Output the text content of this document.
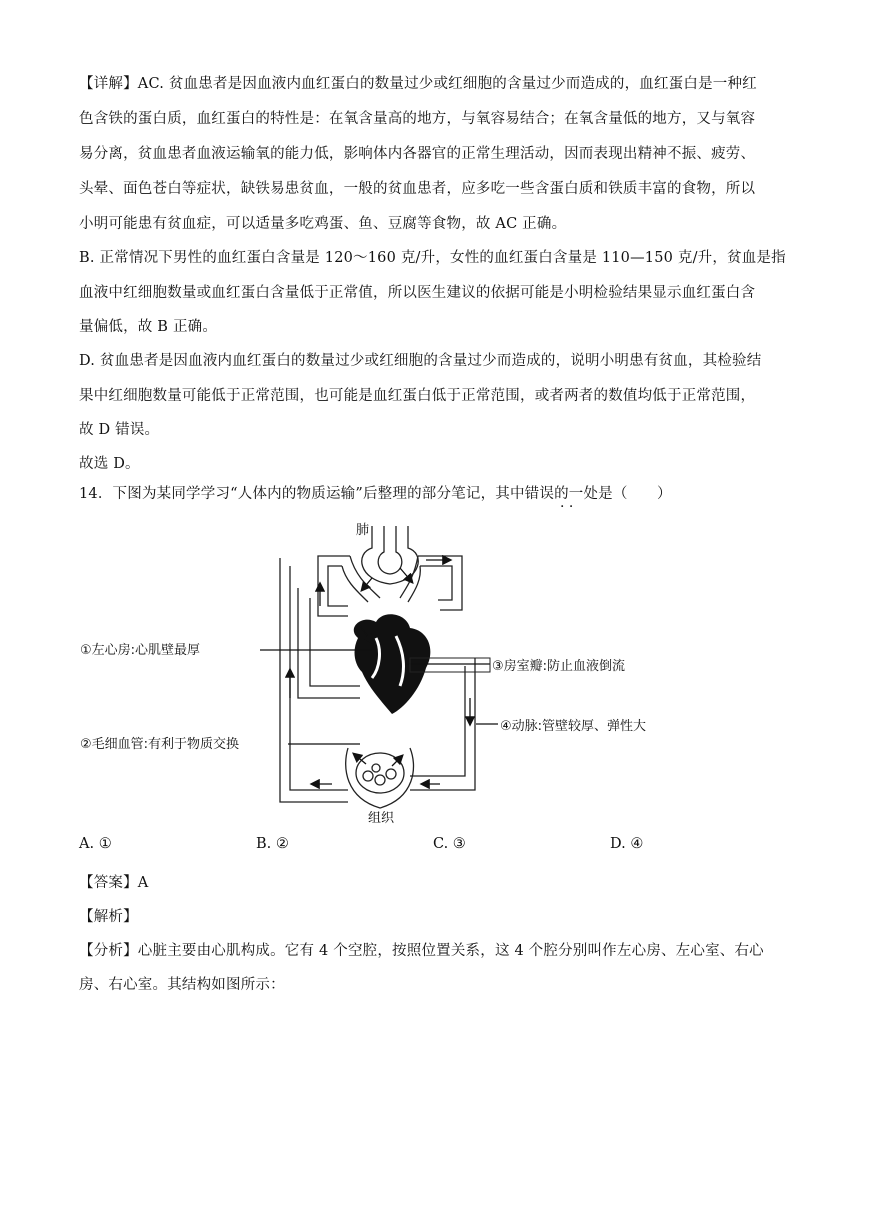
【详解】AC. 贫血患者是因血液内血红蛋白的数量过少或红细胞的含量过少而造成的，血红蛋白是一种红
色含铁的蛋白质，血红蛋白的特性是：在氧含量高的地方，与氧容易结合；在氧含量低的地方，又与氧容
易分离，贫血患者血液运输氧的能力低，影响体内各器官的正常生理活动，因而表现出精神不振、疲劳、
头晕、面色苍白等症状，缺铁易患贫血，一般的贫血患者，应多吃一些含蛋白质和铁质丰富的食物，所以
小明可能患有贫血症，可以适量多吃鸡蛋、鱼、豆腐等食物，故 AC 正确。
B. 正常情况下男性的血红蛋白含量是 120～160 克/升，女性的血红蛋白含量是 110—150 克/升，贫血是指
血液中红细胞数量或血红蛋白含量低于正常值，所以医生建议的依据可能是小明检验结果显示血红蛋白含
量偏低，故 B 正确。
D. 贫血患者是因血液内血红蛋白的数量过少或红细胞的含量过少而造成的，说明小明患有贫血，其检验结
果中红细胞数量可能低于正常范围，也可能是血红蛋白低于正常范围，或者两者的数值均低于正常范围，
故 D 错误。
故选 D。
14．下图为某同学学习“人体内的物质运输”后整理的部分笔记，其中错误的一处是（　　）
· ·
肺
组织
①左心房:心肌壁最厚
②毛细血管:有利于物质交换
③房室瓣:防止血液倒流
④动脉:管壁较厚、弹性大
A. ①	B. ②	C. ③	D. ④
【答案】A
【解析】
【分析】心脏主要由心肌构成。它有 4 个空腔，按照位置关系，这 4 个腔分别叫作左心房、左心室、右心
房、右心室。其结构如图所示：
